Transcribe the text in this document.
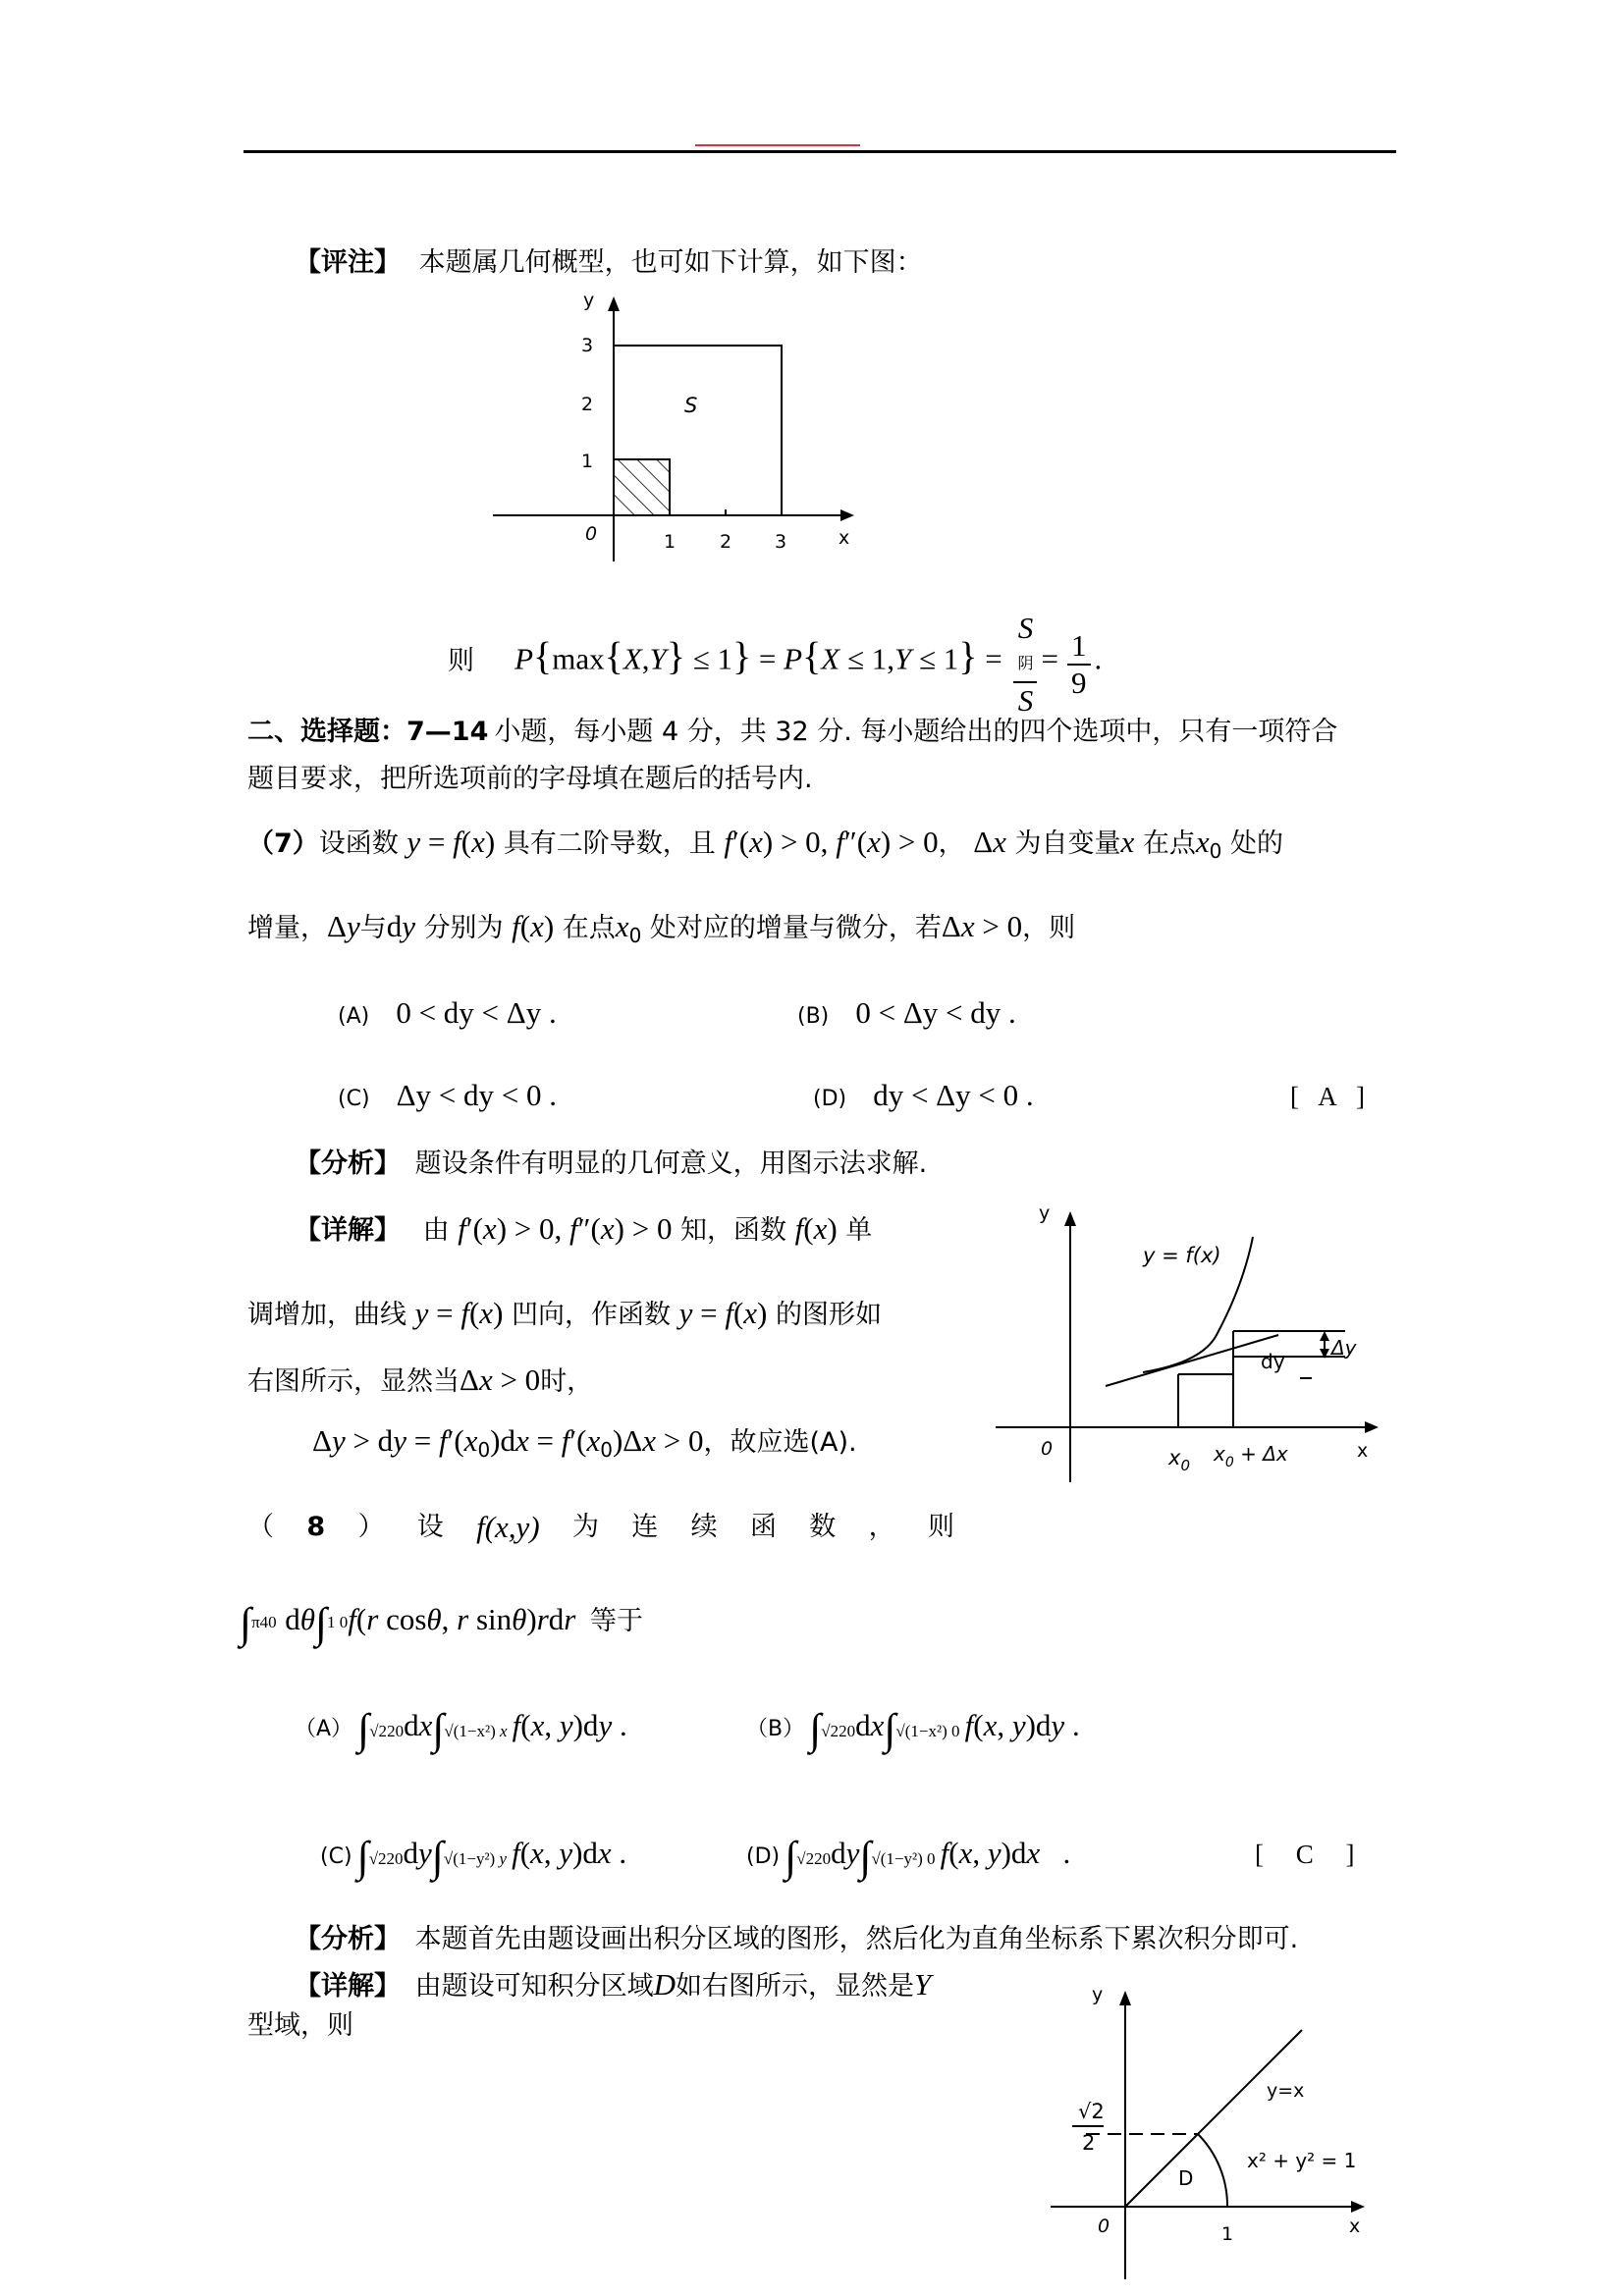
【评注】 本题属几何概型，也可如下计算，如下图：
y
x
0	1 2 3
1
2
3
S
则 P{max{X,Y} ≤ 1} = P{X ≤ 1,Y ≤ 1} = S
阴
$S = \frac{1}{9}$ .
二、选择题：7—14 小题，每小题 4 分，共 32 分. 每小题给出的四个选项中，只有一项符合
题目要求，把所选项前的字母填在题后的括号内.
（7）设函数 y = f(x) 具有二阶导数，且 f′(x) > 0, f″(x) > 0， Δx 为自变量x 在点$x_0$ 处的
增量，Δy与dy 分别为 f(x) 在点$x_0$ 处对应的增量与微分，若Δx > 0，则
(A) 0 < dy < Δy .	(B) 0 < Δy < dy .
(C) Δy < dy < 0 .	(D) dy < Δy < 0 .	[ A ]
【分析】 题设条件有明显的几何意义，用图示法求解.
【详解】 由 f′(x) > 0, f″(x) > 0 知，函数 f(x) 单
调增加，曲线 y = f(x) 凹向，作函数 y = f(x) 的图形如
右图所示，显然当Δx > 0时，
Δy > dy = $f'(x_0)dx = f'(x_0)\Delta x > 0$，故应选(A).
y
x
0
y = f(x)
dy
Δy
$x_0$ $x_0 + \Delta x$
（ 8 ） 设 f(x,y) 为 连 续 函 数 ， 则
∫π40 dθ∫1 0f(r cosθ, r sinθ)rdr 等于
（A） ∫√220dx∫√(1−x²) x f(x, y)dy .	（B） ∫√220dx∫√(1−x²) 0 f(x, y)dy .
(C) ∫√220dy∫√(1−y²) y f(x, y)dx .	(D) ∫√220dy∫√(1−y²) 0 f(x, y)dx   .	[ C ]
【分析】 本题首先由题设画出积分区域的图形，然后化为直角坐标系下累次积分即可.
【详解】 由题设可知积分区域D如右图所示，显然是Y
型域，则
y
x
0
D
y=x
x² + y² = 1
1
√2
2
